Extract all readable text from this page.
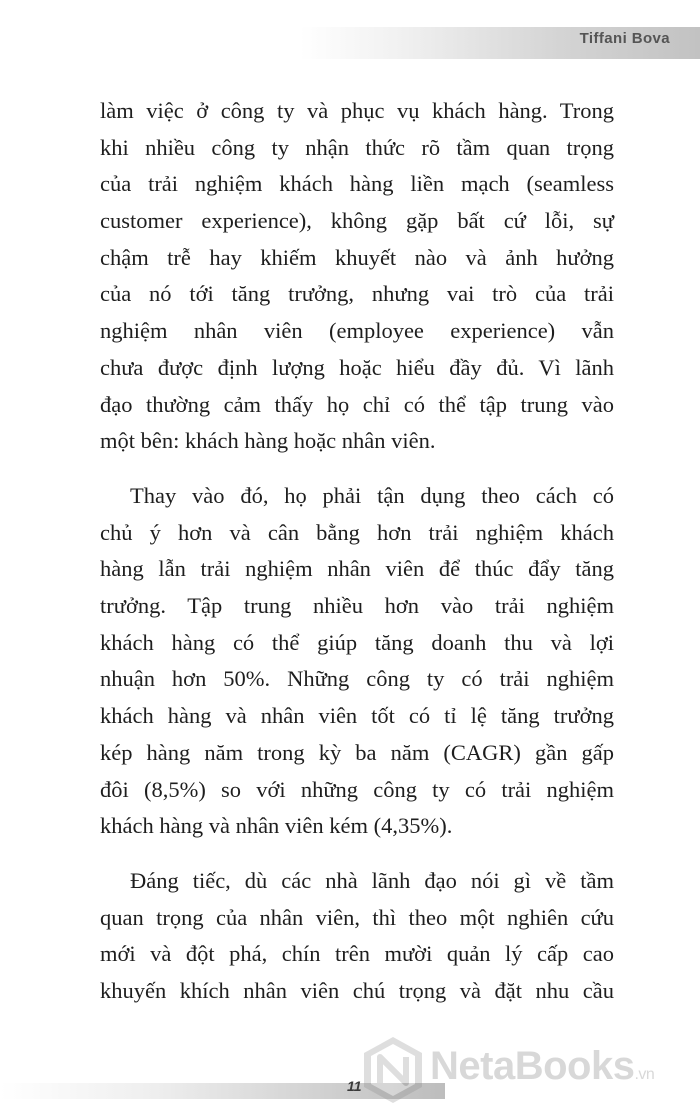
Tiffani Bova
làm việc ở công ty và phục vụ khách hàng. Trong
khi nhiều công ty nhận thức rõ tầm quan trọng
của trải nghiệm khách hàng liền mạch (seamless
customer experience), không gặp bất cứ lỗi, sự
chậm trễ hay khiếm khuyết nào và ảnh hưởng
của nó tới tăng trưởng, nhưng vai trò của trải
nghiệm nhân viên (employee experience) vẫn
chưa được định lượng hoặc hiểu đầy đủ. Vì lãnh
đạo thường cảm thấy họ chỉ có thể tập trung vào
một bên: khách hàng hoặc nhân viên.
Thay vào đó, họ phải tận dụng theo cách có
chủ ý hơn và cân bằng hơn trải nghiệm khách
hàng lẫn trải nghiệm nhân viên để thúc đẩy tăng
trưởng. Tập trung nhiều hơn vào trải nghiệm
khách hàng có thể giúp tăng doanh thu và lợi
nhuận hơn 50%. Những công ty có trải nghiệm
khách hàng và nhân viên tốt có tỉ lệ tăng trưởng
kép hàng năm trong kỳ ba năm (CAGR) gần gấp
đôi (8,5%) so với những công ty có trải nghiệm
khách hàng và nhân viên kém (4,35%).
Đáng tiếc, dù các nhà lãnh đạo nói gì về tầm
quan trọng của nhân viên, thì theo một nghiên cứu
mới và đột phá, chín trên mười quản lý cấp cao
khuyến khích nhân viên chú trọng và đặt nhu cầu
11 NetaBooks.vn
